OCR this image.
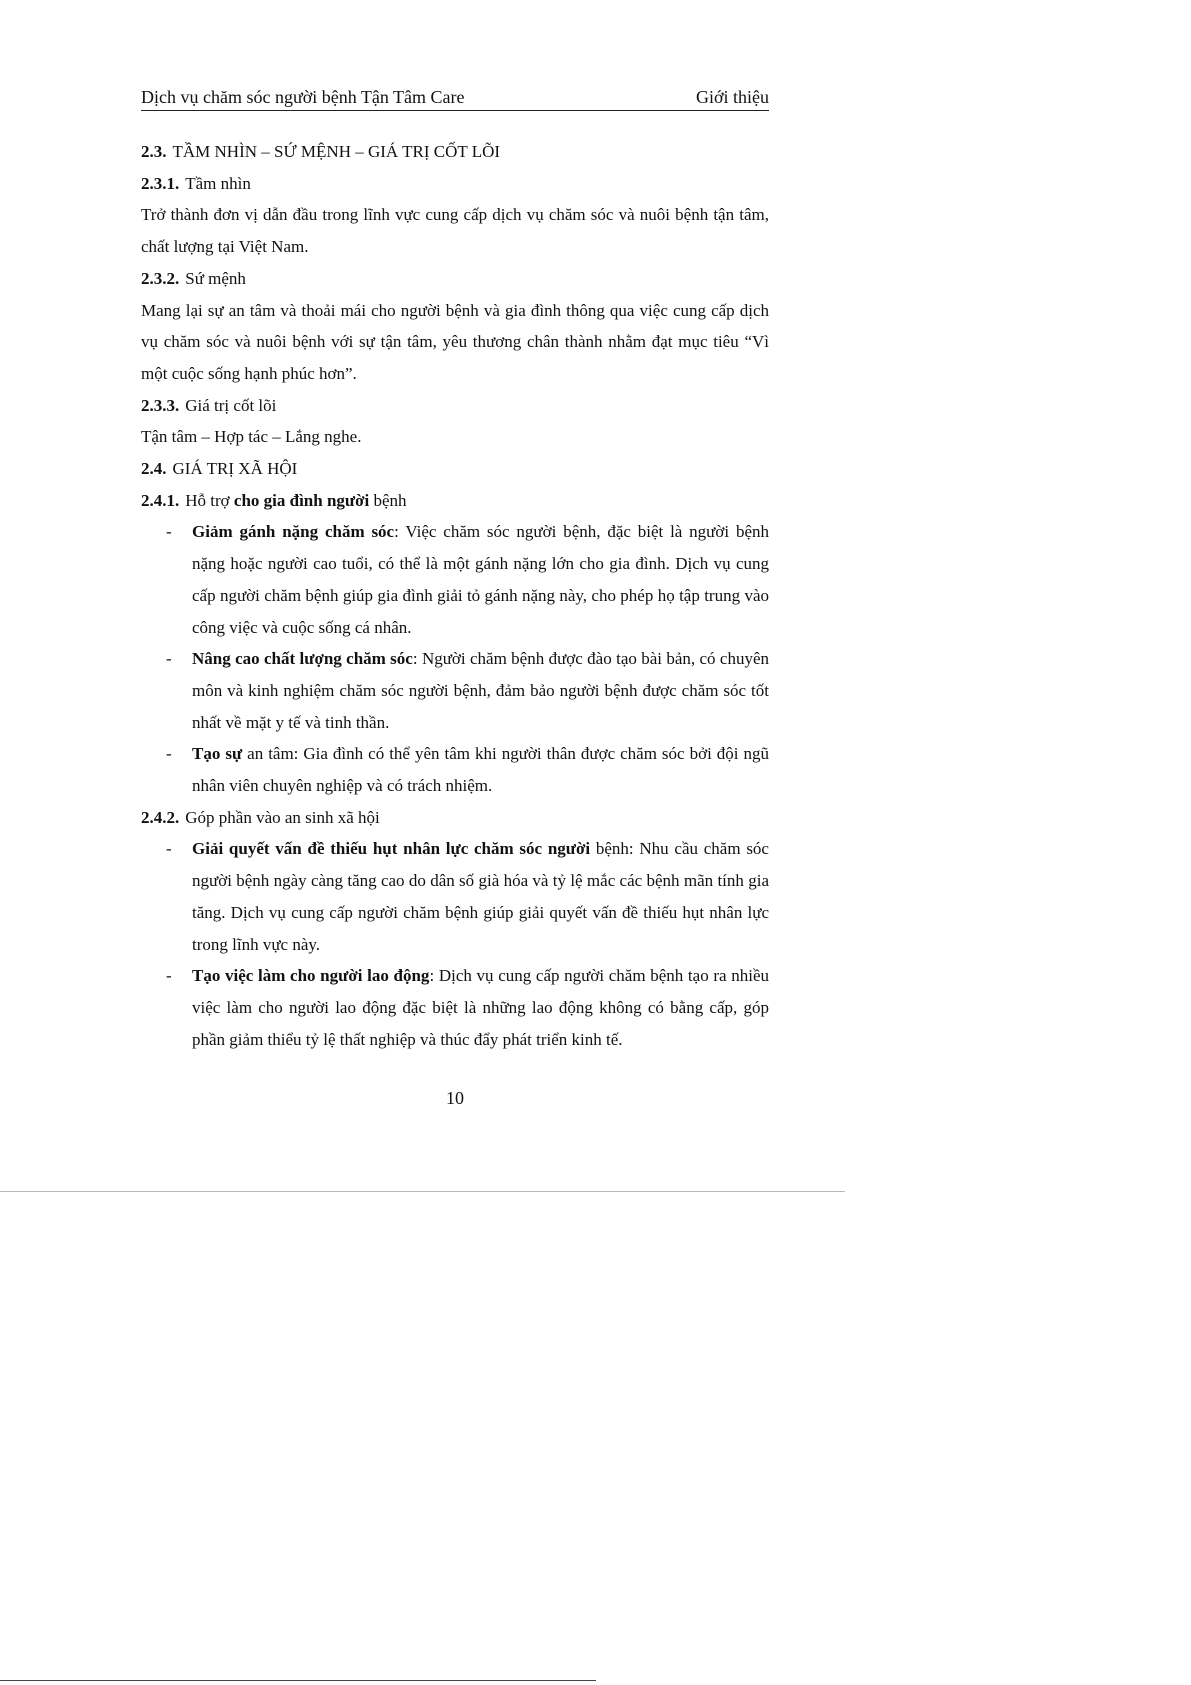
Dịch vụ chăm sóc người bệnh Tận Tâm Care	Giới thiệu
2.3. TẦM NHÌN – SỨ MỆNH – GIÁ TRỊ CỐT LÕI
2.3.1. Tầm nhìn
Trở thành đơn vị dẫn đầu trong lĩnh vực cung cấp dịch vụ chăm sóc và nuôi bệnh tận tâm, chất lượng tại Việt Nam.
2.3.2. Sứ mệnh
Mang lại sự an tâm và thoải mái cho người bệnh và gia đình thông qua việc cung cấp dịch vụ chăm sóc và nuôi bệnh với sự tận tâm, yêu thương chân thành nhằm đạt mục tiêu “Vì một cuộc sống hạnh phúc hơn”.
2.3.3. Giá trị cốt lõi
Tận tâm – Hợp tác – Lắng nghe.
2.4. GIÁ TRỊ XÃ HỘI
2.4.1. Hỗ trợ cho gia đình người bệnh
- Giảm gánh nặng chăm sóc: Việc chăm sóc người bệnh, đặc biệt là người bệnh nặng hoặc người cao tuổi, có thể là một gánh nặng lớn cho gia đình. Dịch vụ cung cấp người chăm bệnh giúp gia đình giải tỏ gánh nặng này, cho phép họ tập trung vào công việc và cuộc sống cá nhân.
- Nâng cao chất lượng chăm sóc: Người chăm bệnh được đào tạo bài bản, có chuyên môn và kinh nghiệm chăm sóc người bệnh, đảm bảo người bệnh được chăm sóc tốt nhất về mặt y tế và tinh thần.
- Tạo sự an tâm: Gia đình có thể yên tâm khi người thân được chăm sóc bởi đội ngũ nhân viên chuyên nghiệp và có trách nhiệm.
2.4.2. Góp phần vào an sinh xã hội
- Giải quyết vấn đề thiếu hụt nhân lực chăm sóc người bệnh: Nhu cầu chăm sóc người bệnh ngày càng tăng cao do dân số già hóa và tỷ lệ mắc các bệnh mãn tính gia tăng. Dịch vụ cung cấp người chăm bệnh giúp giải quyết vấn đề thiếu hụt nhân lực trong lĩnh vực này.
- Tạo việc làm cho người lao động: Dịch vụ cung cấp người chăm bệnh tạo ra nhiều việc làm cho người lao động đặc biệt là những lao động không có bằng cấp, góp phần giảm thiểu tỷ lệ thất nghiệp và thúc đẩy phát triển kinh tế.
10
